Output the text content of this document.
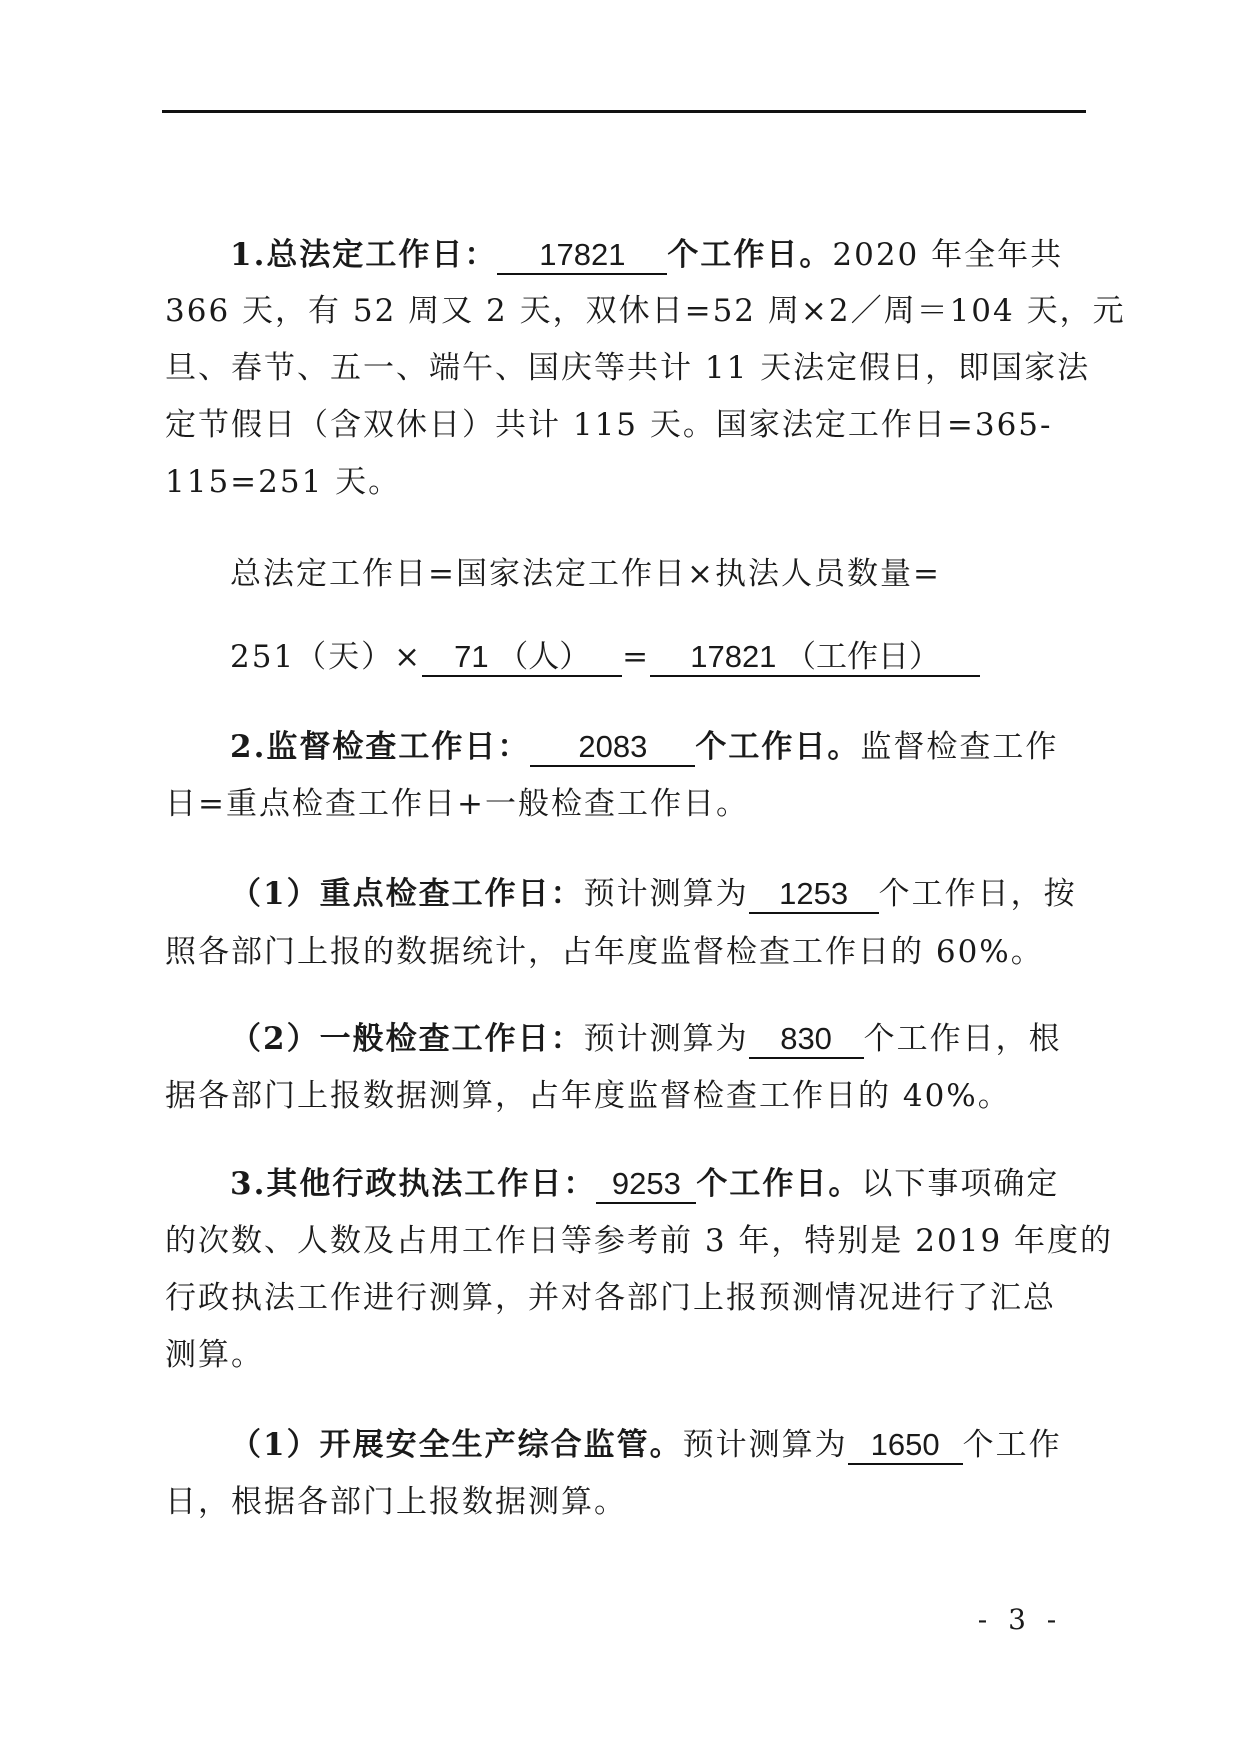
1.总法定工作日： 17821 个工作日。2020 年全年共
366 天，有 52 周又 2 天，双休日=52 周×2／周＝104 天，元
旦、春节、五一、端午、国庆等共计 11 天法定假日，即国家法
定节假日（含双休日）共计 115 天。国家法定工作日=365-
115=251 天。
总法定工作日=国家法定工作日×执法人员数量=
251（天）× 71 （人） = 17821 （工作日）
2.监督检查工作日： 2083 个工作日。监督检查工作
日=重点检查工作日+一般检查工作日。
（1）重点检查工作日：预计测算为 1253 个工作日，按
照各部门上报的数据统计，占年度监督检查工作日的 60%。
（2）一般检查工作日：预计测算为 830 个工作日，根
据各部门上报数据测算，占年度监督检查工作日的 40%。
3.其他行政执法工作日： 9253 个工作日。以下事项确定
的次数、人数及占用工作日等参考前 3 年，特别是 2019 年度的
行政执法工作进行测算，并对各部门上报预测情况进行了汇总
测算。
（1）开展安全生产综合监管。预计测算为 1650 个工作
日，根据各部门上报数据测算。
- 3 -
